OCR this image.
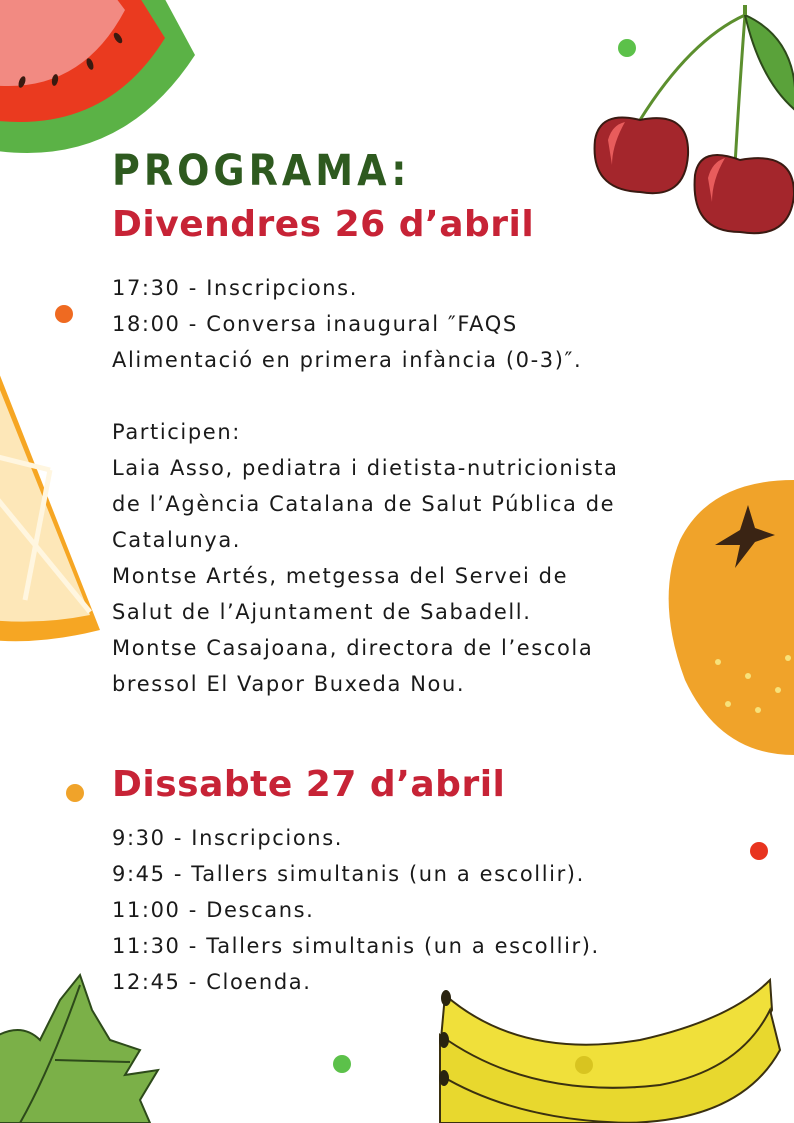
PROGRAMA:
Divendres 26 d’abril
17:30 - Inscripcions.
18:00 - Conversa inaugural ″FAQS
Alimentació en primera infància (0-3)″.
Participen:
Laia Asso, pediatra i dietista-nutricionista
de l’Agència Catalana de Salut Pública de
Catalunya.
Montse Artés, metgessa del Servei de
Salut de l’Ajuntament de Sabadell.
Montse Casajoana, directora de l’escola
bressol El Vapor Buxeda Nou.
Dissabte 27 d’abril
9:30 - Inscripcions.
9:45 - Tallers simultanis (un a escollir).
11:00 - Descans.
11:30 - Tallers simultanis (un a escollir).
12:45 - Cloenda.
